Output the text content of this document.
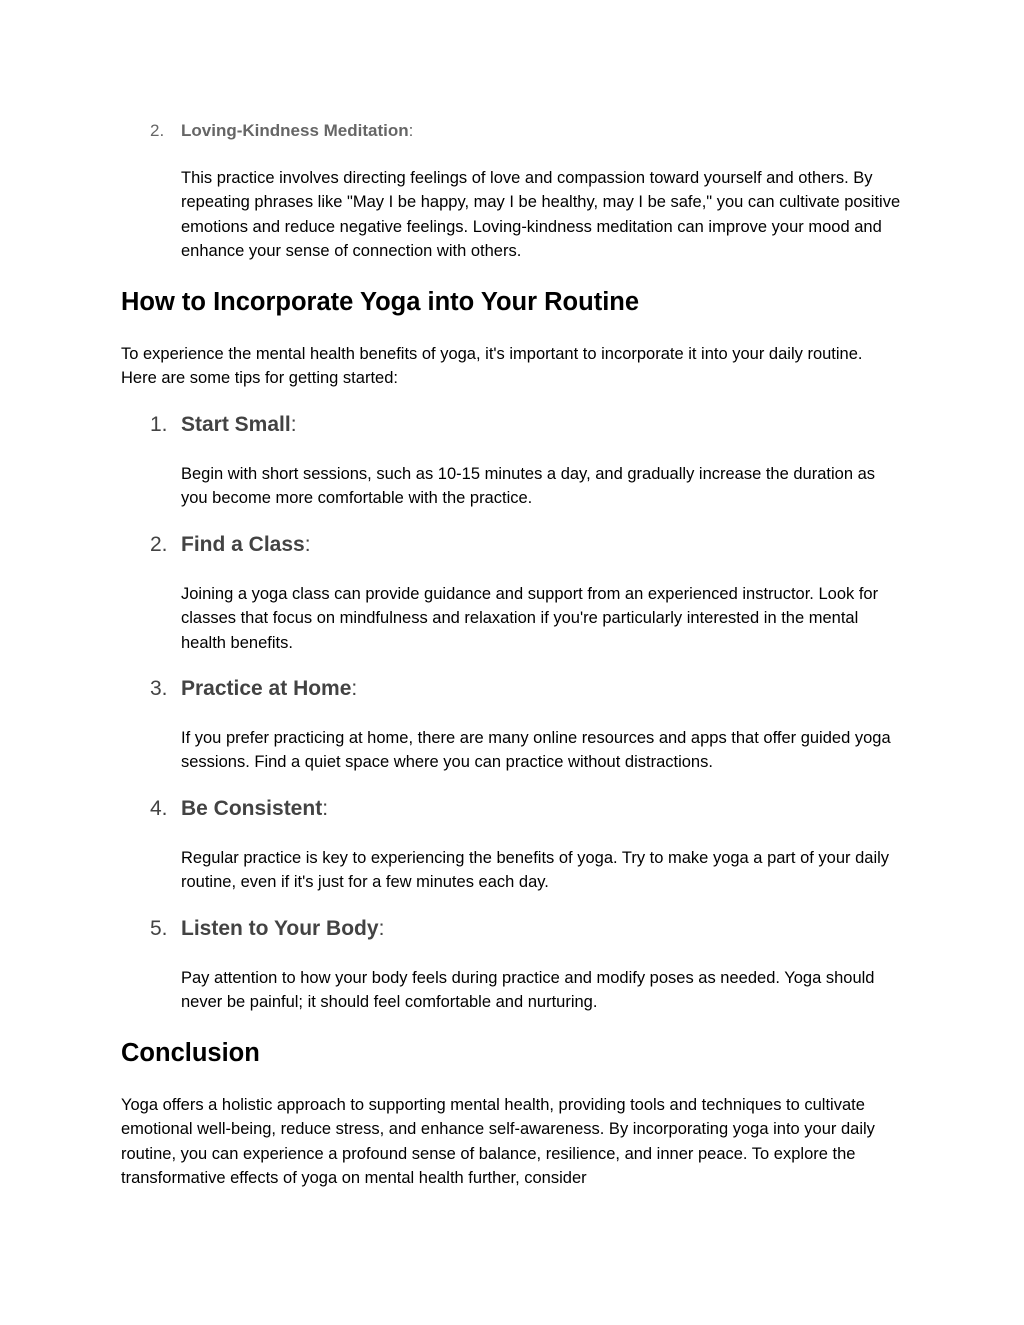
2. Loving-Kindness Meditation:

This practice involves directing feelings of love and compassion toward yourself and others. By repeating phrases like "May I be happy, may I be healthy, may I be safe," you can cultivate positive emotions and reduce negative feelings. Loving-kindness meditation can improve your mood and enhance your sense of connection with others.

How to Incorporate Yoga into Your Routine

To experience the mental health benefits of yoga, it's important to incorporate it into your daily routine. Here are some tips for getting started:

1. Start Small:

Begin with short sessions, such as 10-15 minutes a day, and gradually increase the duration as you become more comfortable with the practice.

2. Find a Class:

Joining a yoga class can provide guidance and support from an experienced instructor. Look for classes that focus on mindfulness and relaxation if you're particularly interested in the mental health benefits.

3. Practice at Home:

If you prefer practicing at home, there are many online resources and apps that offer guided yoga sessions. Find a quiet space where you can practice without distractions.

4. Be Consistent:

Regular practice is key to experiencing the benefits of yoga. Try to make yoga a part of your daily routine, even if it's just for a few minutes each day.

5. Listen to Your Body:

Pay attention to how your body feels during practice and modify poses as needed. Yoga should never be painful; it should feel comfortable and nurturing.

Conclusion

Yoga offers a holistic approach to supporting mental health, providing tools and techniques to cultivate emotional well-being, reduce stress, and enhance self-awareness. By incorporating yoga into your daily routine, you can experience a profound sense of balance, resilience, and inner peace. To explore the transformative effects of yoga on mental health further, consider
